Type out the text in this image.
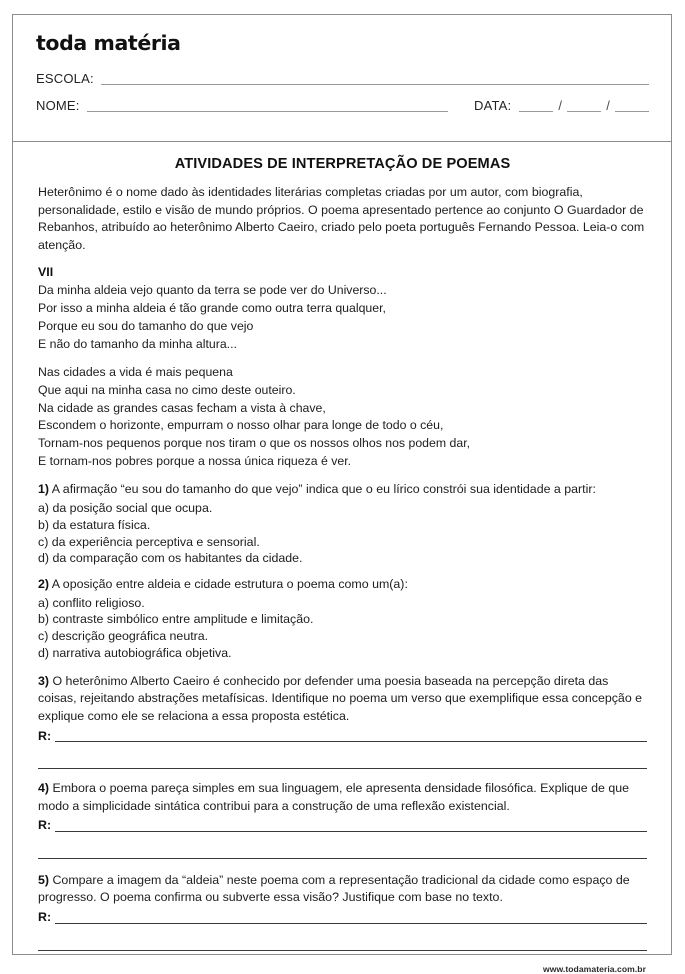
toda matéria
ESCOLA:
NOME:	DATA:	/	/
ATIVIDADES DE INTERPRETAÇÃO DE POEMAS

Heterônimo é o nome dado às identidades literárias completas criadas por um autor, com biografia, personalidade, estilo e visão de mundo próprios. O poema apresentado pertence ao conjunto O Guardador de Rebanhos, atribuído ao heterônimo Alberto Caeiro, criado pelo poeta português Fernando Pessoa. Leia-o com atenção.

VII
Da minha aldeia vejo quanto da terra se pode ver do Universo...
Por isso a minha aldeia é tão grande como outra terra qualquer,
Porque eu sou do tamanho do que vejo
E não do tamanho da minha altura...
Nas cidades a vida é mais pequena
Que aqui na minha casa no cimo deste outeiro.
Na cidade as grandes casas fecham a vista à chave,
Escondem o horizonte, empurram o nosso olhar para longe de todo o céu,
Tornam-nos pequenos porque nos tiram o que os nossos olhos nos podem dar,
E tornam-nos pobres porque a nossa única riqueza é ver.
1) A afirmação “eu sou do tamanho do que vejo” indica que o eu lírico constrói sua identidade a partir:
a) da posição social que ocupa.
b) da estatura física.
c) da experiência perceptiva e sensorial.
d) da comparação com os habitantes da cidade.
2) A oposição entre aldeia e cidade estrutura o poema como um(a):
a) conflito religioso.
b) contraste simbólico entre amplitude e limitação.
c) descrição geográfica neutra.
d) narrativa autobiográfica objetiva.
3) O heterônimo Alberto Caeiro é conhecido por defender uma poesia baseada na percepção direta das coisas, rejeitando abstrações metafísicas. Identifique no poema um verso que exemplifique essa concepção e explique como ele se relaciona a essa proposta estética.
R:
4) Embora o poema pareça simples em sua linguagem, ele apresenta densidade filosófica. Explique de que modo a simplicidade sintática contribui para a construção de uma reflexão existencial.
R:
5) Compare a imagem da “aldeia” neste poema com a representação tradicional da cidade como espaço de progresso. O poema confirma ou subverte essa visão? Justifique com base no texto.
R:
www.todamateria.com.br
